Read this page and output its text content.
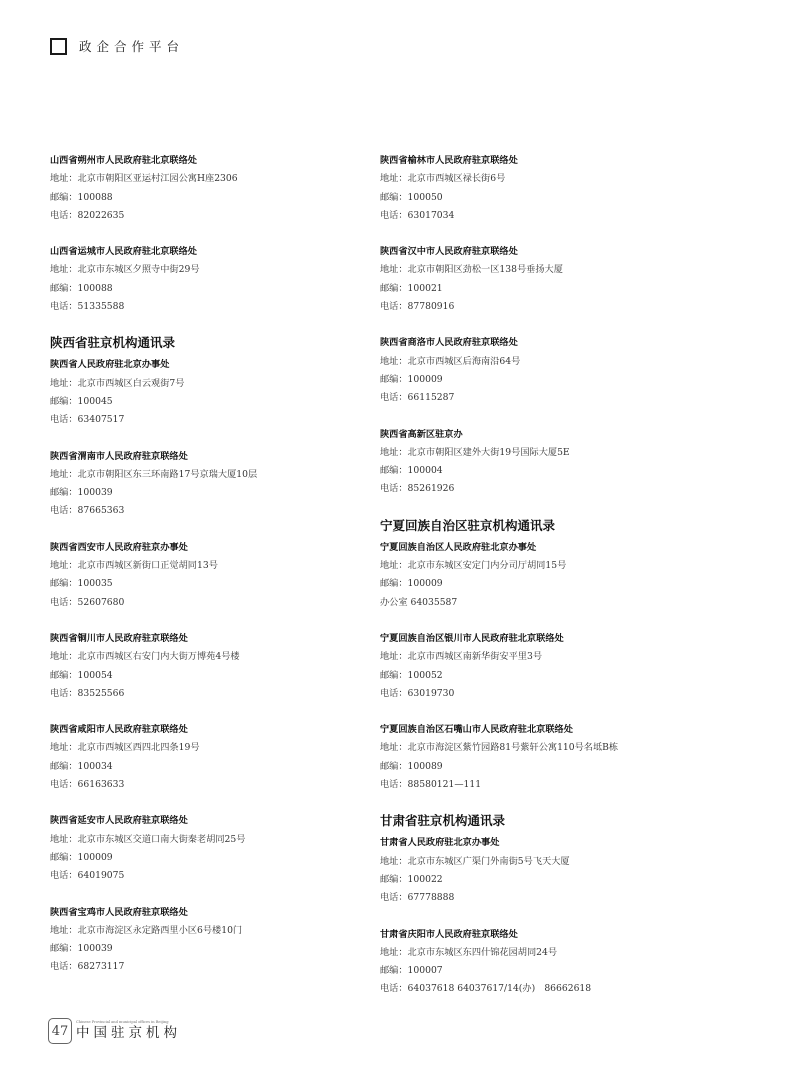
政企合作平台
山西省朔州市人民政府驻北京联络处
地址：北京市朝阳区亚运村江园公寓H座2306
邮编：100088
电话：82022635
山西省运城市人民政府驻北京联络处
地址：北京市东城区夕照寺中街29号
邮编：100088
电话：51335588
陕西省驻京机构通讯录
陕西省人民政府驻北京办事处
地址：北京市西城区白云观街7号
邮编：100045
电话：63407517
陕西省渭南市人民政府驻京联络处
地址：北京市朝阳区东三环南路17号京瑞大厦10层
邮编：100039
电话：87665363
陕西省西安市人民政府驻京办事处
地址：北京市西城区新街口正觉胡同13号
邮编：100035
电话：52607680
陕西省铜川市人民政府驻京联络处
地址：北京市西城区右安门内大街万博苑4号楼
邮编：100054
电话：83525566
陕西省咸阳市人民政府驻京联络处
地址：北京市西城区西四北四条19号
邮编：100034
电话：66163633
陕西省延安市人民政府驻京联络处
地址：北京市东城区交道口南大街秦老胡同25号
邮编：100009
电话：64019075
陕西省宝鸡市人民政府驻京联络处
地址：北京市海淀区永定路西里小区6号楼10门
邮编：100039
电话：68273117
陕西省榆林市人民政府驻京联络处
地址：北京市西城区禄长街6号
邮编：100050
电话：63017034
陕西省汉中市人民政府驻京联络处
地址：北京市朝阳区劲松一区138号垂扬大厦
邮编：100021
电话：87780916
陕西省商洛市人民政府驻京联络处
地址：北京市西城区后海南沿64号
邮编：100009
电话：66115287
陕西省高新区驻京办
地址：北京市朝阳区建外大街19号国际大厦5E
邮编：100004
电话：85261926
宁夏回族自治区驻京机构通讯录
宁夏回族自治区人民政府驻北京办事处
地址：北京市东城区安定门内分司厅胡同15号
邮编：100009
办公室 64035587
宁夏回族自治区银川市人民政府驻北京联络处
地址：北京市西城区南新华街安平里3号
邮编：100052
电话：63019730
宁夏回族自治区石嘴山市人民政府驻北京联络处
地址：北京市海淀区紫竹园路81号紫轩公寓110号名坻B栋
邮编：100089
电话：88580121—111
甘肃省驻京机构通讯录
甘肃省人民政府驻北京办事处
地址：北京市东城区广渠门外南街5号飞天大厦
邮编：100022
电话：67778888
甘肃省庆阳市人民政府驻京联络处
地址：北京市东城区东四什锦花园胡同24号
邮编：100007
电话：64037618 64037617/14(办)　86662618
47
Chinese Provincial and municipal offices in Beijing
中国驻京机构
